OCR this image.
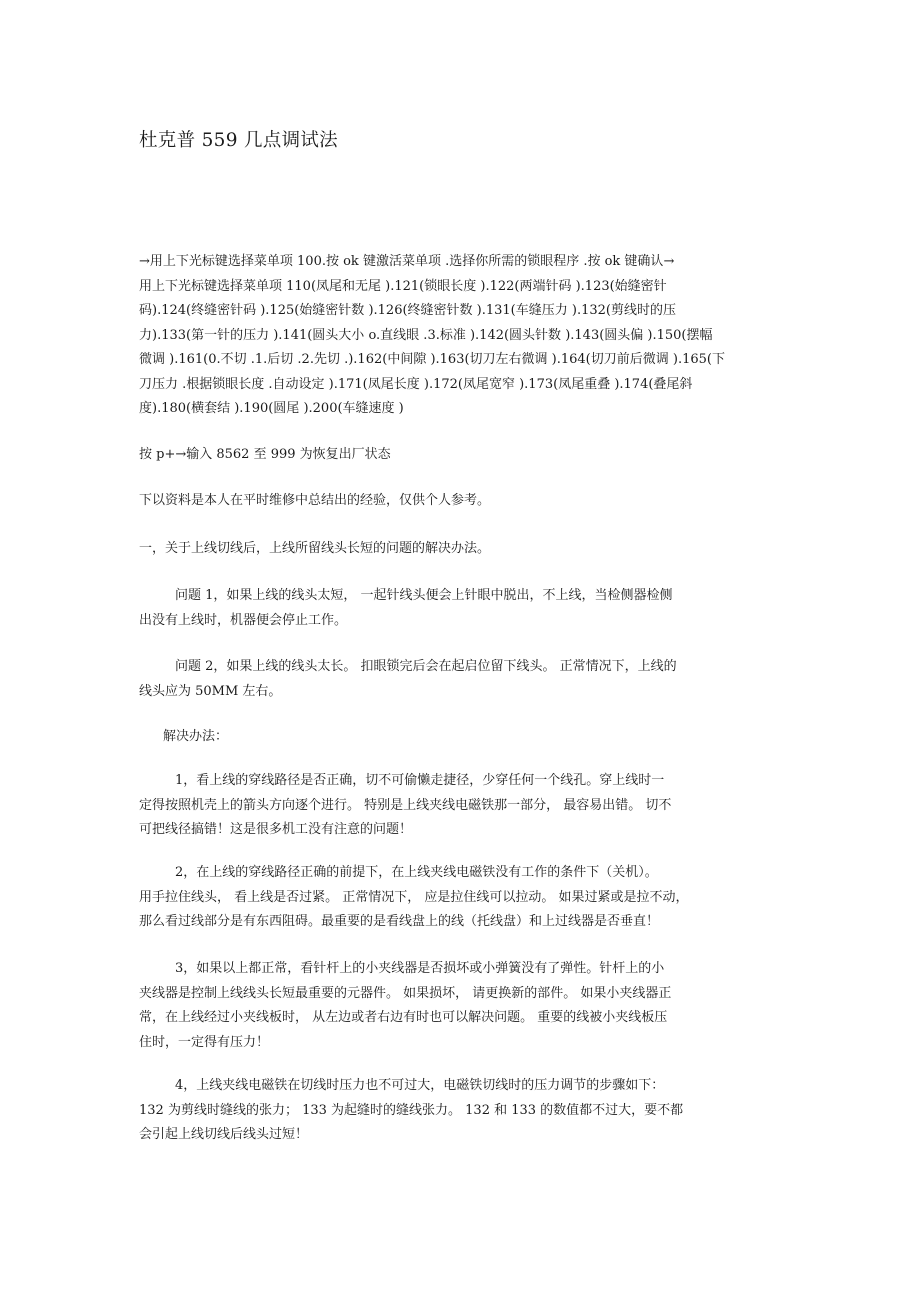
杜克普 559 几点调试法

→用上下光标键选择菜单项 100.按 ok 键激活菜单项 .选择你所需的锁眼程序 .按 ok 键确认→
用上下光标键选择菜单项 110(凤尾和无尾 ).121(锁眼长度 ).122(两端针码 ).123(始缝密针
码).124(终缝密针码 ).125(始缝密针数 ).126(终缝密针数 ).131(车缝压力 ).132(剪线时的压
力).133(第一针的压力 ).141(圆头大小 o.直线眼 .3.标准 ).142(圆头针数 ).143(圆头偏 ).150(摆幅
微调 ).161(0.不切 .1.后切 .2.先切 .).162(中间隙 ).163(切刀左右微调 ).164(切刀前后微调 ).165(下
刀压力 .根据锁眼长度 .自动设定 ).171(凤尾长度 ).172(凤尾宽窄 ).173(凤尾重叠 ).174(叠尾斜
度).180(横套结 ).190(圆尾 ).200(车缝速度 )

按 p+→输入 8562 至 999 为恢复出厂状态

下以资料是本人在平时维修中总结出的经验，仅供个人参考。

一，关于上线切线后，上线所留线头长短的问题的解决办法。

问题 1，如果上线的线头太短， 一起针线头便会上针眼中脱出，不上线，当检侧器检侧
出没有上线时，机器便会停止工作。

问题 2，如果上线的线头太长。 扣眼锁完后会在起启位留下线头。 正常情况下，上线的
线头应为 50MM 左右。

解决办法：

1，看上线的穿线路径是否正确，切不可偷懒走捷径，少穿任何一个线孔。穿上线时一
定得按照机壳上的箭头方向逐个进行。 特别是上线夹线电磁铁那一部分， 最容易出错。 切不
可把线径搞错！这是很多机工没有注意的问题！

2，在上线的穿线路径正确的前提下，在上线夹线电磁铁没有工作的条件下（关机）。
用手拉住线头， 看上线是否过紧。 正常情况下， 应是拉住线可以拉动。 如果过紧或是拉不动，
那么看过线部分是有东西阻碍。最重要的是看线盘上的线（托线盘）和上过线器是否垂直！

3，如果以上都正常，看针杆上的小夹线器是否损坏或小弹簧没有了弹性。针杆上的小
夹线器是控制上线线头长短最重要的元器件。 如果损坏， 请更换新的部件。 如果小夹线器正
常，在上线经过小夹线板时， 从左边或者右边有时也可以解决问题。 重要的线被小夹线板压
住时，一定得有压力！

4，上线夹线电磁铁在切线时压力也不可过大，电磁铁切线时的压力调节的步骤如下：
132 为剪线时缝线的张力； 133 为起缝时的缝线张力。 132 和 133 的数值都不过大，要不都
会引起上线切线后线头过短！
